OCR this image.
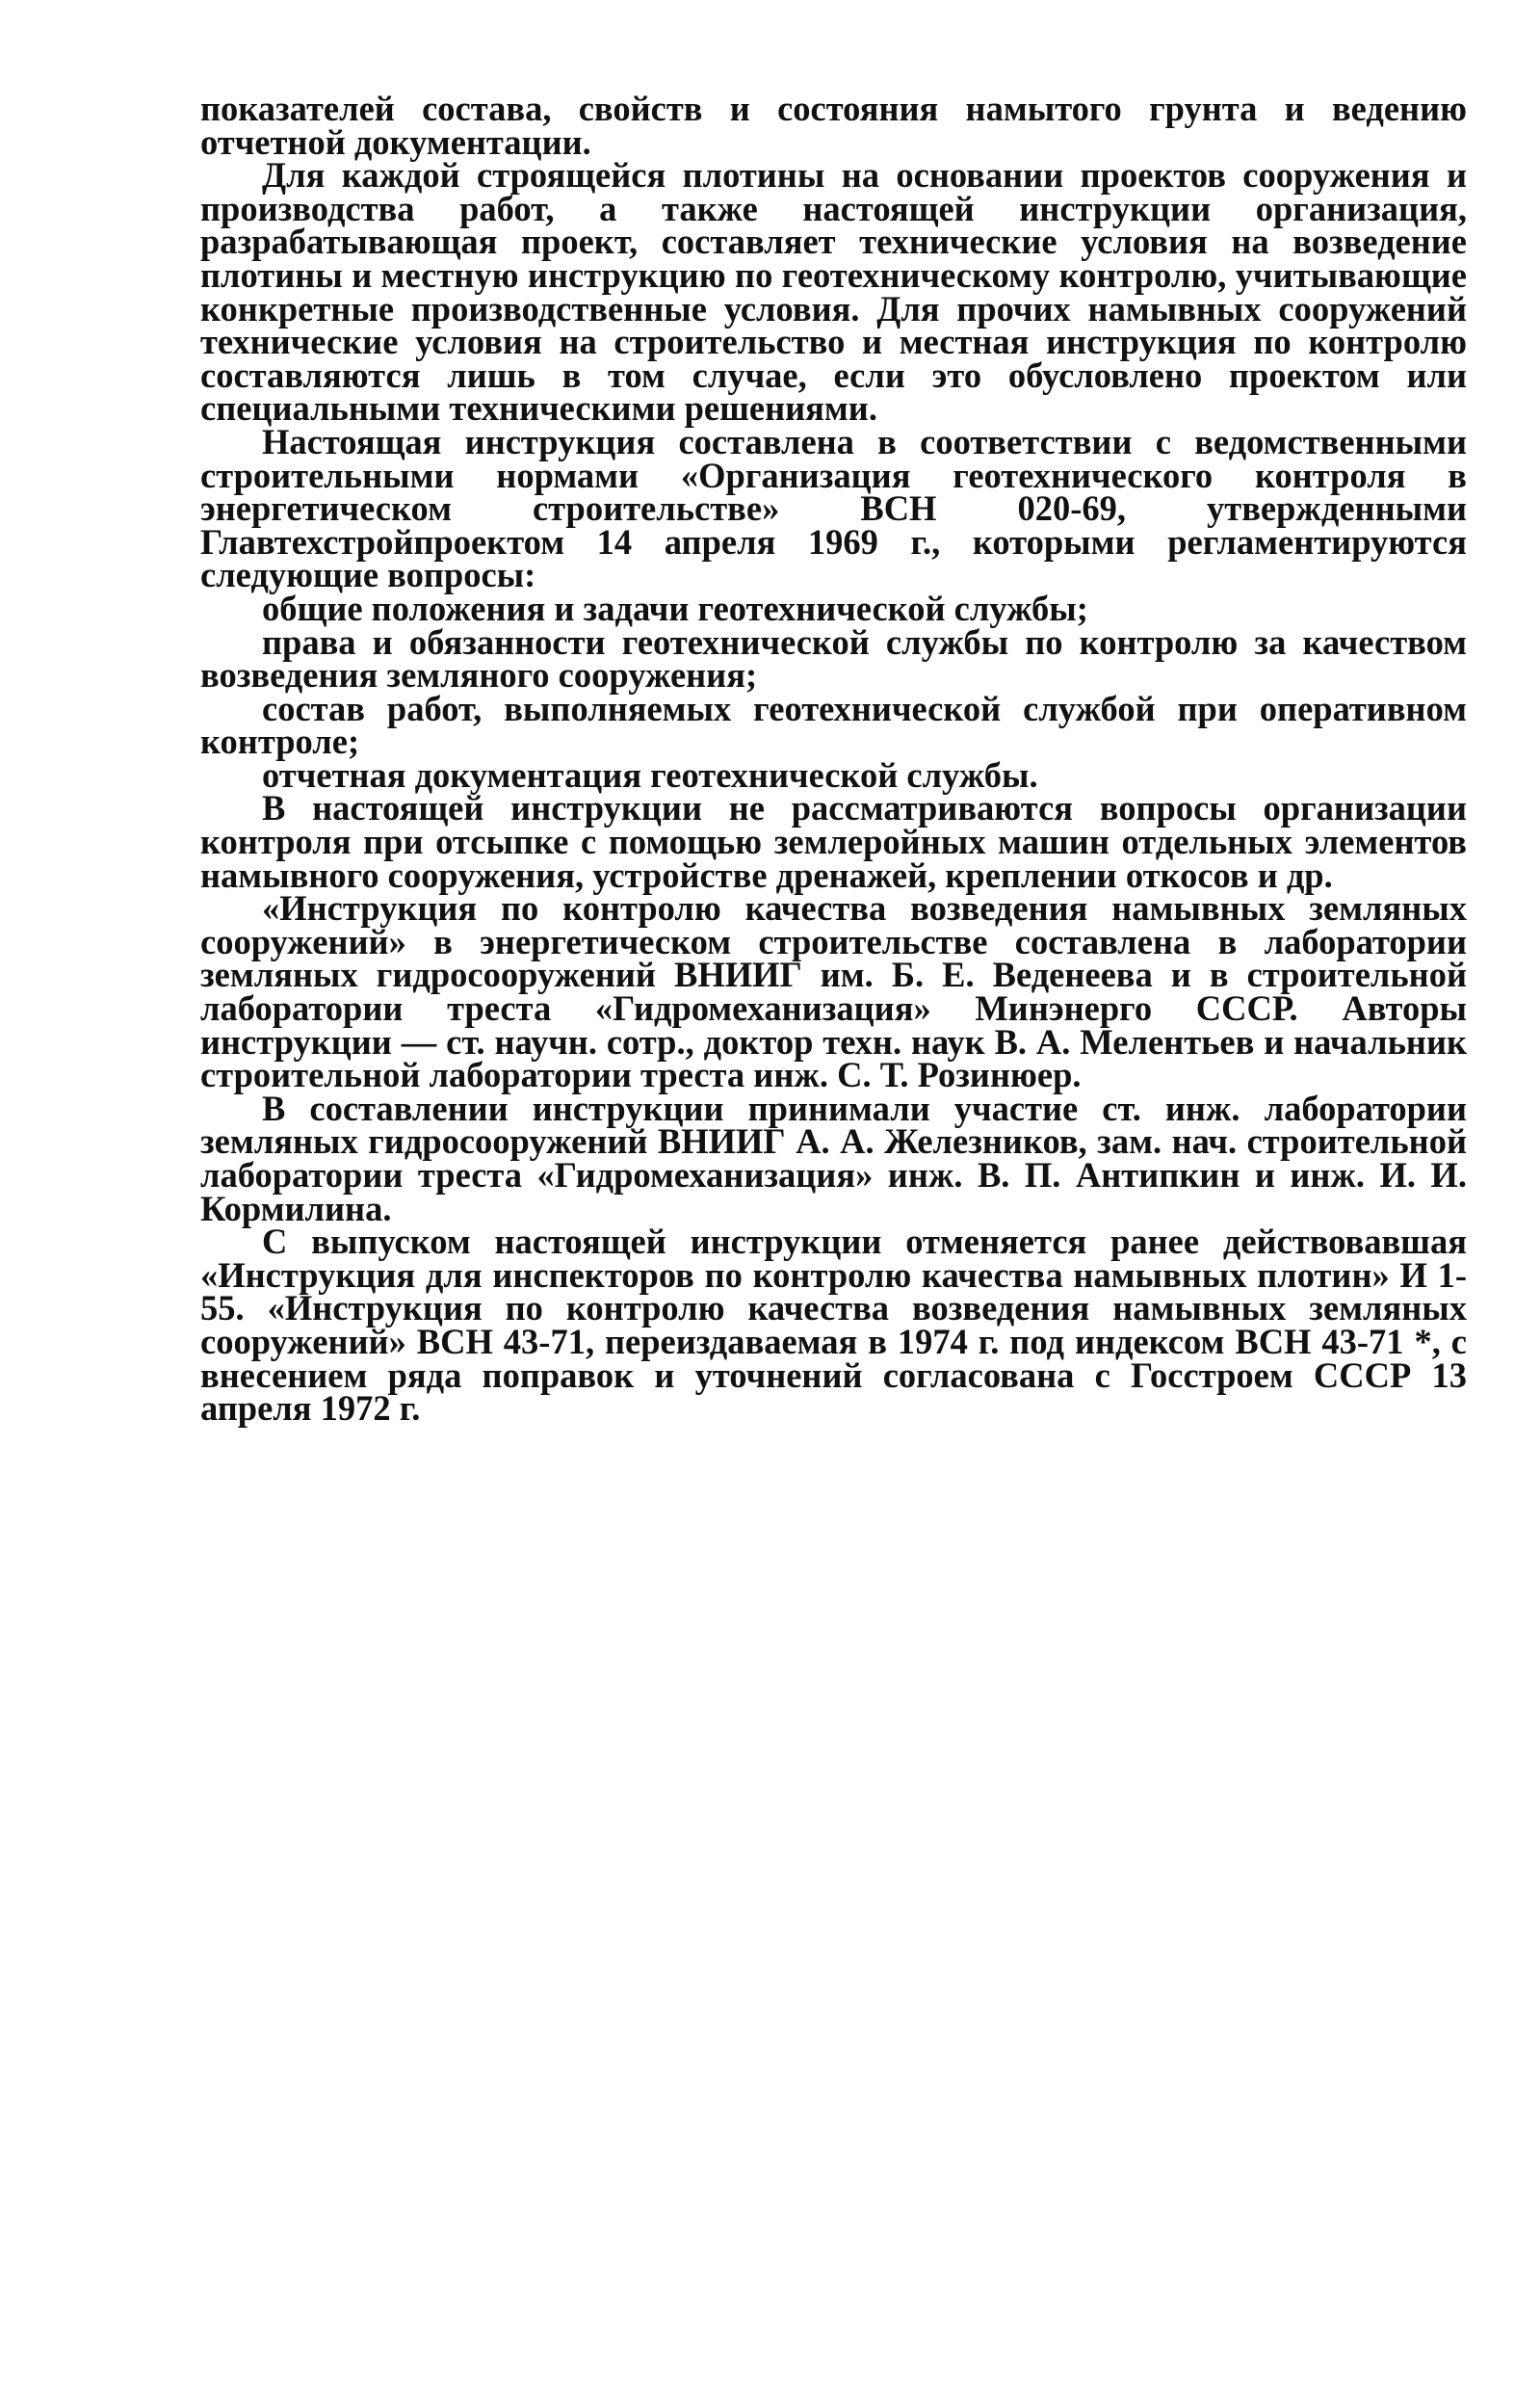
показателей состава, свойств и состояния намытого грунта и ведению отчетной документации.

Для каждой строящейся плотины на основании проектов сооружения и производства работ, а также настоящей инструкции организация, разрабатывающая проект, составляет технические условия на возведение плотины и местную инструкцию по геотехническому контролю, учитывающие конкретные производственные условия. Для прочих намывных сооружений технические условия на строительство и местная инструкция по контролю составляются лишь в том случае, если это обусловлено проектом или специальными техническими решениями.

Настоящая инструкция составлена в соответствии с ведомственными строительными нормами «Организация геотехнического контроля в энергетическом строительстве» ВСН 020-69, утвержденными Главтехстройпроектом 14 апреля 1969 г., которыми регламентируются следующие вопросы:

общие положения и задачи геотехнической службы;

права и обязанности геотехнической службы по контролю за качеством возведения земляного сооружения;

состав работ, выполняемых геотехнической службой при оперативном контроле;

отчетная документация геотехнической службы.

В настоящей инструкции не рассматриваются вопросы организации контроля при отсыпке с помощью землеройных машин отдельных элементов намывного сооружения, устройстве дренажей, креплении откосов и др.

«Инструкция по контролю качества возведения намывных земляных сооружений» в энергетическом строительстве составлена в лаборатории земляных гидросооружений ВНИИГ им. Б. Е. Веденеева и в строительной лаборатории треста «Гидромеханизация» Минэнерго СССР. Авторы инструкции — ст. научн. сотр., доктор техн. наук В. А. Мелентьев и начальник строительной лаборатории треста инж. С. Т. Розинюер.

В составлении инструкции принимали участие ст. инж. лаборатории земляных гидросооружений ВНИИГ А. А. Железников, зам. нач. строительной лаборатории треста «Гидромеханизация» инж. В. П. Антипкин и инж. И. И. Кормилина.

С выпуском настоящей инструкции отменяется ранее действовавшая «Инструкция для инспекторов по контролю качества намывных плотин» И 1-55. «Инструкция по контролю качества возведения намывных земляных сооружений» ВСН 43-71, переиздаваемая в 1974 г. под индексом ВСН 43-71 *, с внесением ряда поправок и уточнений согласована с Госстроем СССР 13 апреля 1972 г.
